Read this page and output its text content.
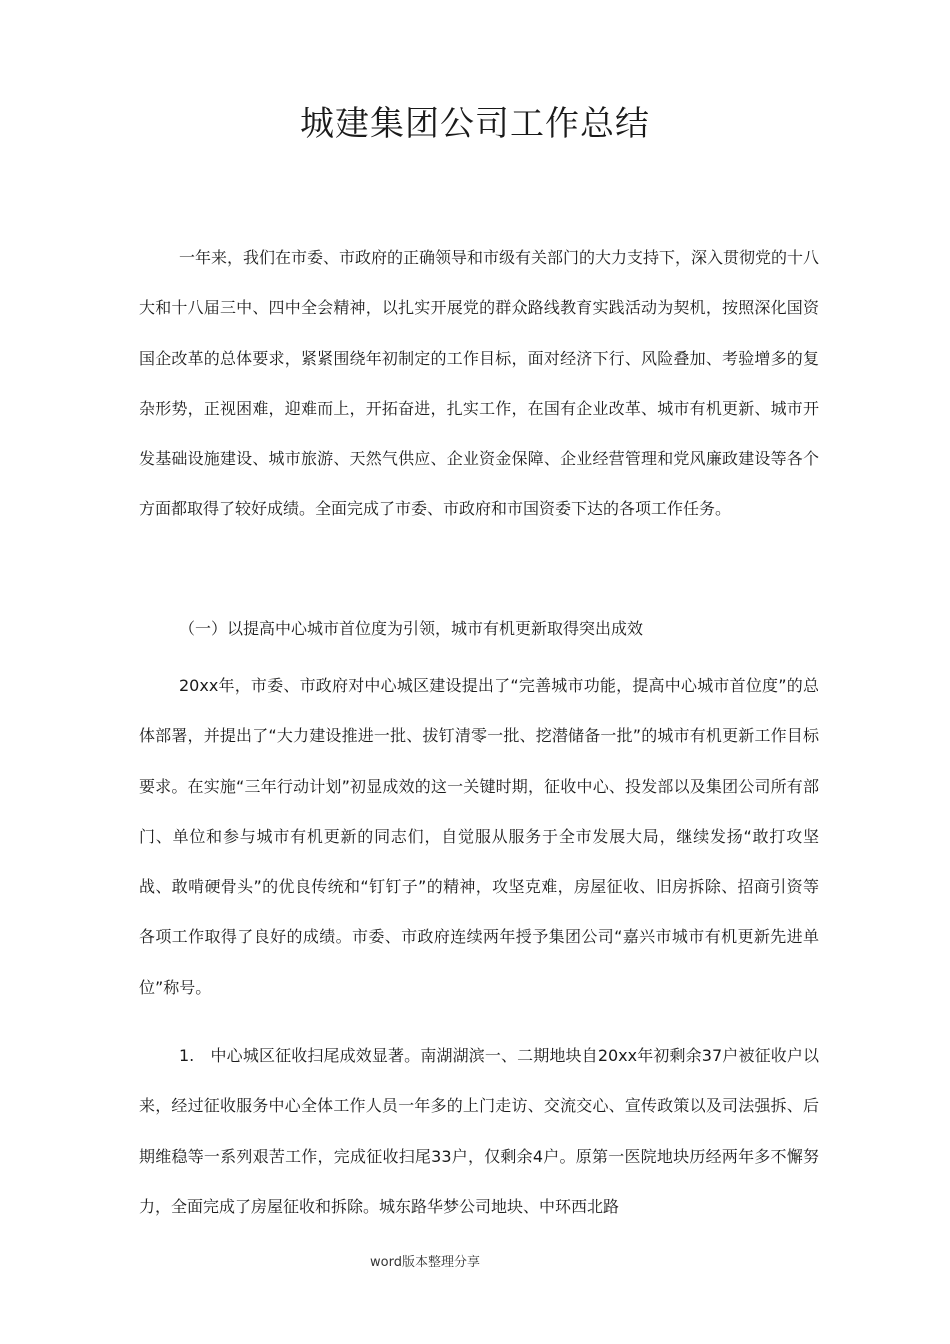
城建集团公司工作总结

一年来，我们在市委、市政府的正确领导和市级有关部门的大力支持下，深入贯彻党的十八大和十八届三中、四中全会精神，以扎实开展党的群众路线教育实践活动为契机，按照深化国资国企改革的总体要求，紧紧围绕年初制定的工作目标，面对经济下行、风险叠加、考验增多的复杂形势，正视困难，迎难而上，开拓奋进，扎实工作，在国有企业改革、城市有机更新、城市开发基础设施建设、城市旅游、天然气供应、企业资金保障、企业经营管理和党风廉政建设等各个方面都取得了较好成绩。全面完成了市委、市政府和市国资委下达的各项工作任务。

（一）以提高中心城市首位度为引领，城市有机更新取得突出成效

20xx年，市委、市政府对中心城区建设提出了“完善城市功能，提高中心城市首位度”的总体部署，并提出了“大力建设推进一批、拔钉清零一批、挖潜储备一批”的城市有机更新工作目标要求。在实施“三年行动计划”初显成效的这一关键时期，征收中心、投发部以及集团公司所有部门、单位和参与城市有机更新的同志们，自觉服从服务于全市发展大局，继续发扬“敢打攻坚战、敢啃硬骨头”的优良传统和“钉钉子”的精神，攻坚克难，房屋征收、旧房拆除、招商引资等各项工作取得了良好的成绩。市委、市政府连续两年授予集团公司“嘉兴市城市有机更新先进单位”称号。

1.　中心城区征收扫尾成效显著。南湖湖滨一、二期地块自20xx年初剩余37户被征收户以来，经过征收服务中心全体工作人员一年多的上门走访、交流交心、宣传政策以及司法强拆、后期维稳等一系列艰苦工作，完成征收扫尾33户，仅剩余4户。原第一医院地块历经两年多不懈努力，全面完成了房屋征收和拆除。城东路华梦公司地块、中环西北路

word版本整理分享
